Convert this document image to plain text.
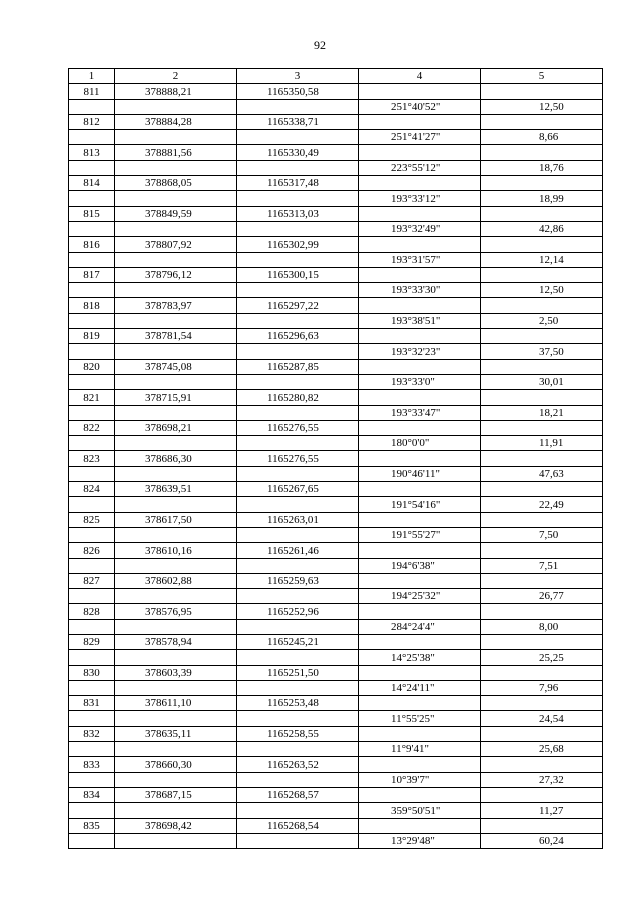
92
1	2	3	4	5
811	378888,21	1165350,58		
			251°40'52"	12,50
812	378884,28	1165338,71		
			251°41'27"	8,66
813	378881,56	1165330,49		
			223°55'12"	18,76
814	378868,05	1165317,48		
			193°33'12"	18,99
815	378849,59	1165313,03		
			193°32'49"	42,86
816	378807,92	1165302,99		
			193°31'57"	12,14
817	378796,12	1165300,15		
			193°33'30"	12,50
818	378783,97	1165297,22		
			193°38'51"	2,50
819	378781,54	1165296,63		
			193°32'23"	37,50
820	378745,08	1165287,85		
			193°33'0"	30,01
821	378715,91	1165280,82		
			193°33'47"	18,21
822	378698,21	1165276,55		
			180°0'0"	11,91
823	378686,30	1165276,55		
			190°46'11"	47,63
824	378639,51	1165267,65		
			191°54'16"	22,49
825	378617,50	1165263,01		
			191°55'27"	7,50
826	378610,16	1165261,46		
			194°6'38"	7,51
827	378602,88	1165259,63		
			194°25'32"	26,77
828	378576,95	1165252,96		
			284°24'4"	8,00
829	378578,94	1165245,21		
			14°25'38"	25,25
830	378603,39	1165251,50		
			14°24'11"	7,96
831	378611,10	1165253,48		
			11°55'25"	24,54
832	378635,11	1165258,55		
			11°9'41"	25,68
833	378660,30	1165263,52		
			10°39'7"	27,32
834	378687,15	1165268,57		
			359°50'51"	11,27
835	378698,42	1165268,54		
			13°29'48"	60,24
